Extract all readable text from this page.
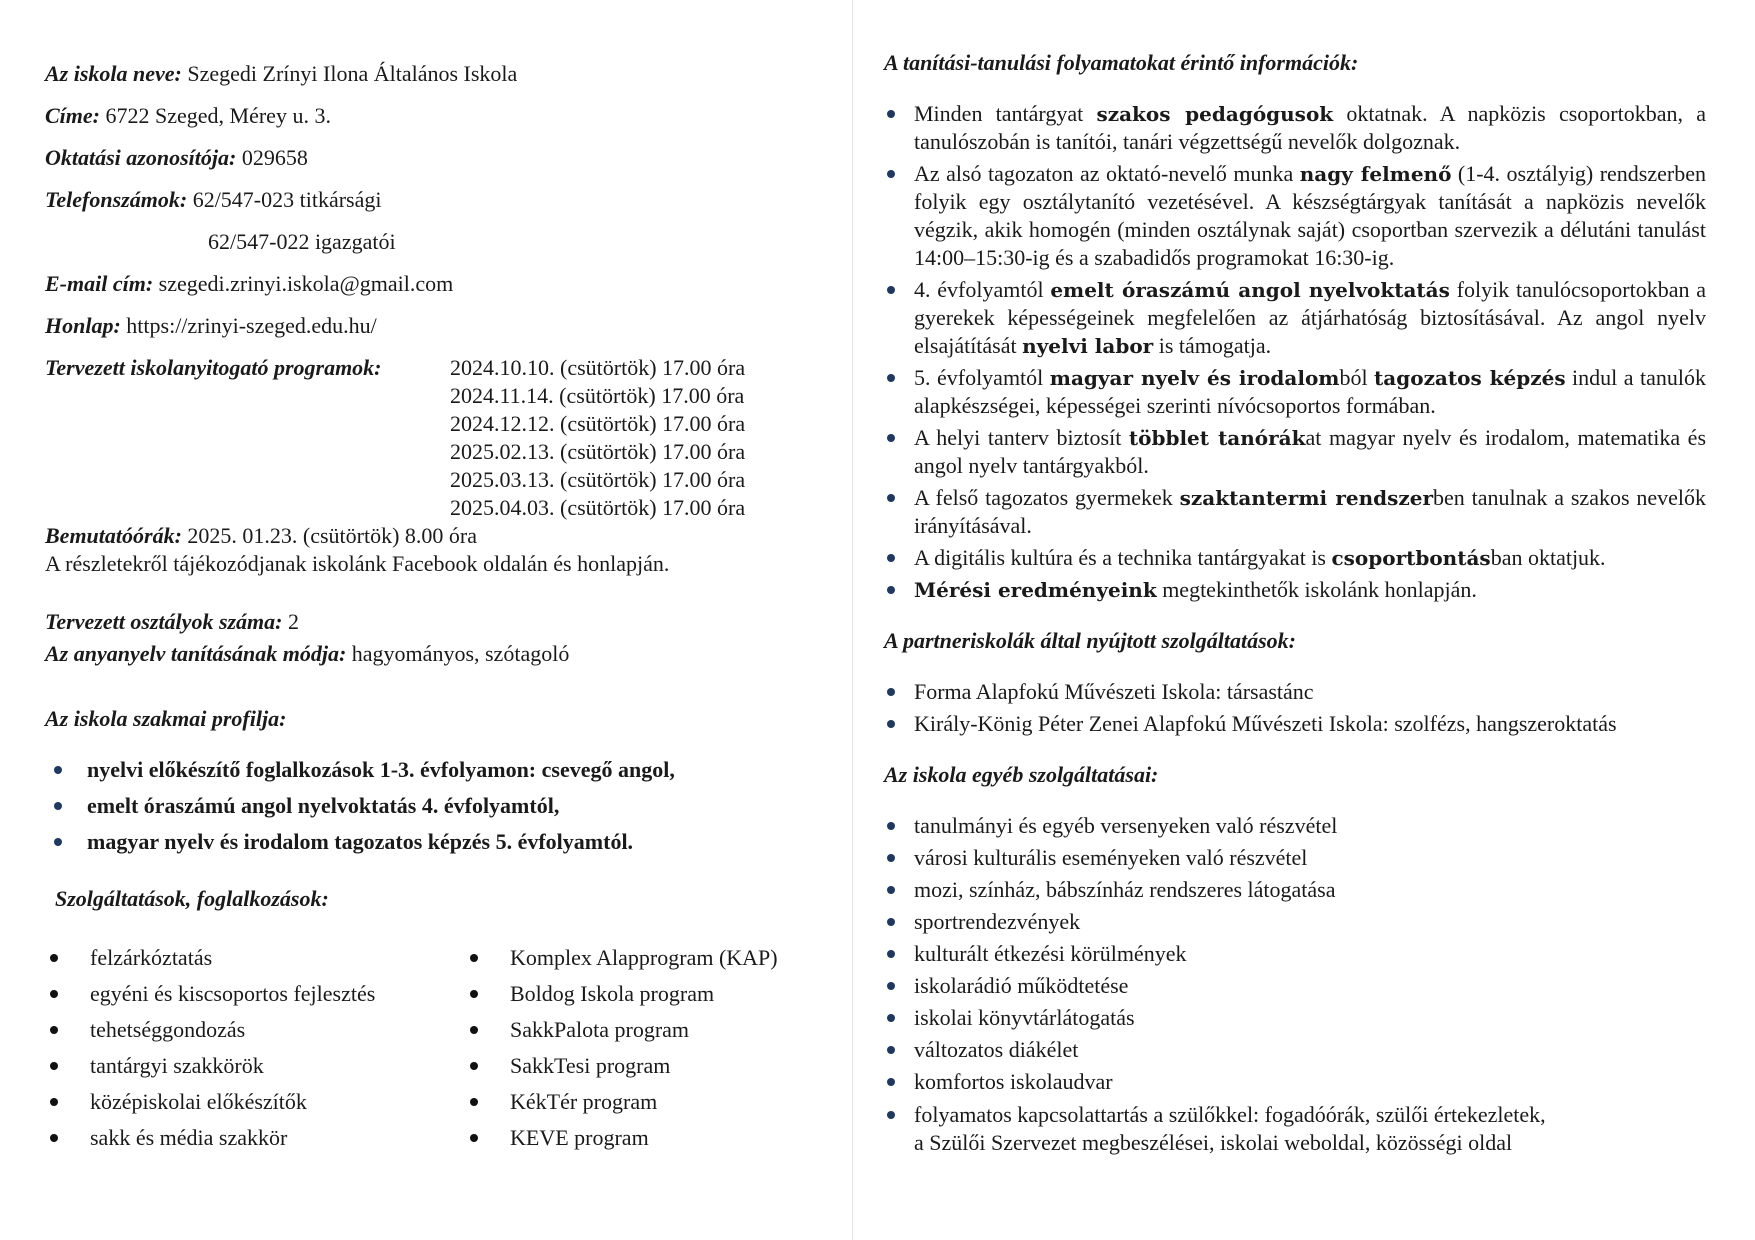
Az iskola neve: Szegedi Zrínyi Ilona Általános Iskola
Címe: 6722 Szeged, Mérey u. 3.
Oktatási azonosítója: 029658
Telefonszámok: 62/547-023 titkársági
62/547-022 igazgatói
E-mail cím: szegedi.zrinyi.iskola@gmail.com
Honlap: https://zrinyi-szeged.edu.hu/
Tervezett iskolanyitogató programok:	2024.10.10. (csütörtök) 17.00 óra
2024.11.14. (csütörtök) 17.00 óra
2024.12.12. (csütörtök) 17.00 óra
2025.02.13. (csütörtök) 17.00 óra
2025.03.13. (csütörtök) 17.00 óra
2025.04.03. (csütörtök) 17.00 óra
Bemutatóórák: 2025. 01.23. (csütörtök) 8.00 óra
A részletekről tájékozódjanak iskolánk Facebook oldalán és honlapján.
Tervezett osztályok száma: 2
Az anyanyelv tanításának módja: hagyományos, szótagoló
Az iskola szakmai profilja:
nyelvi előkészítő foglalkozások 1-3. évfolyamon: csevegő angol,
emelt óraszámú angol nyelvoktatás 4. évfolyamtól,
magyar nyelv és irodalom tagozatos képzés 5. évfolyamtól.
Szolgáltatások, foglalkozások:
felzárkóztatás
egyéni és kiscsoportos fejlesztés
tehetséggondozás
tantárgyi szakkörök
középiskolai előkészítők
sakk és média szakkör
Komplex Alapprogram (KAP)
Boldog Iskola program
SakkPalota program
SakkTesi program
KékTér program
KEVE program
A tanítási-tanulási folyamatokat érintő információk:
Minden tantárgyat szakos pedagógusok oktatnak. A napközis csoportokban, a tanulószobán is tanítói, tanári végzettségű nevelők dolgoznak.
Az alsó tagozaton az oktató-nevelő munka nagy felmenő (1-4. osztályig) rendszerben folyik egy osztálytanító vezetésével. A készségtárgyak tanítását a napközis nevelők végzik, akik homogén (minden osztálynak saját) csoportban szervezik a délutáni tanulást 14:00–15:30-ig és a szabadidős programokat 16:30-ig.
4. évfolyamtól emelt óraszámú angol nyelvoktatás folyik tanulócsoportokban a gyerekek képességeinek megfelelően az átjárhatóság biztosításával. Az angol nyelv elsajátítását nyelvi labor is támogatja.
5. évfolyamtól magyar nyelv és irodalomból tagozatos képzés indul a tanulók alapkészségei, képességei szerinti nívócsoportos formában.
A helyi tanterv biztosít többlet tanórákat magyar nyelv és irodalom, matematika és angol nyelv tantárgyakból.
A felső tagozatos gyermekek szaktantermi rendszerben tanulnak a szakos nevelők irányításával.
A digitális kultúra és a technika tantárgyakat is csoportbontásban oktatjuk.
Mérési eredményeink megtekinthetők iskolánk honlapján.
A partneriskolák által nyújtott szolgáltatások:
Forma Alapfokú Művészeti Iskola: társastánc
Király-König Péter Zenei Alapfokú Művészeti Iskola: szolfézs, hangszeroktatás
Az iskola egyéb szolgáltatásai:
tanulmányi és egyéb versenyeken való részvétel
városi kulturális eseményeken való részvétel
mozi, színház, bábszínház rendszeres látogatása
sportrendezvények
kulturált étkezési körülmények
iskolarádió működtetése
iskolai könyvtárlátogatás
változatos diákélet
komfortos iskolaudvar
folyamatos kapcsolattartás a szülőkkel: fogadóórák, szülői értekezletek,
a Szülői Szervezet megbeszélései, iskolai weboldal, közösségi oldal
